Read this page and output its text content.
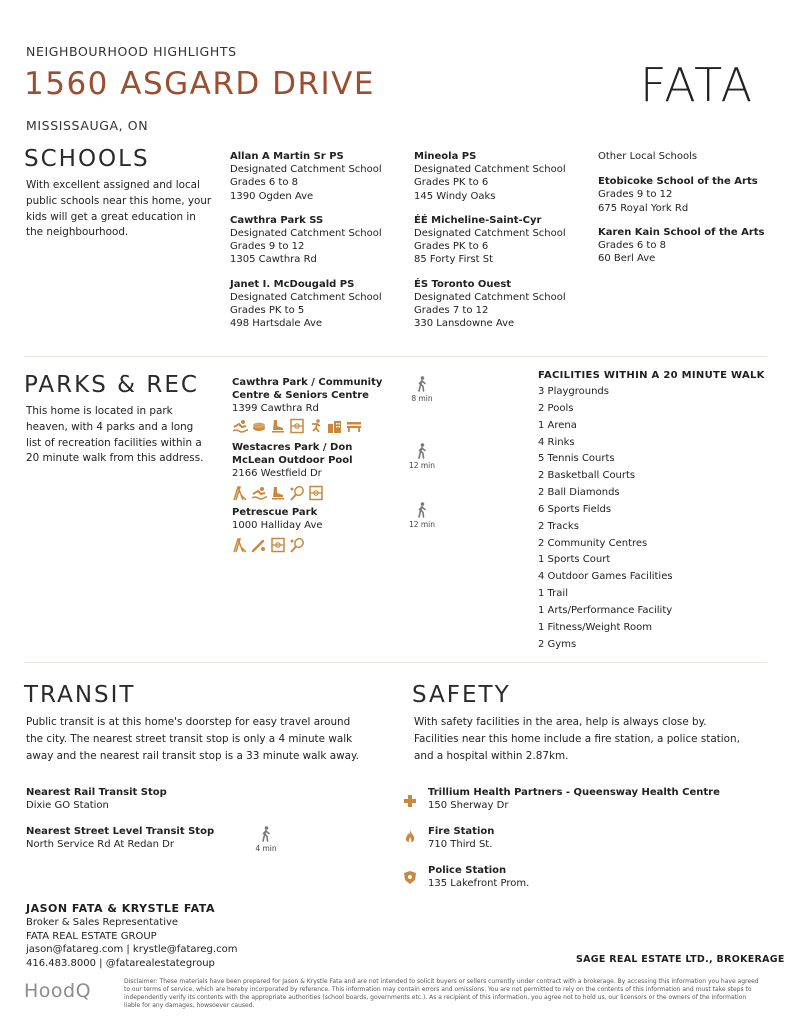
NEIGHBOURHOOD HIGHLIGHTS
1560 ASGARD DRIVE
MISSISSAUGA, ON
FATA
SCHOOLS
With excellent assigned and local public schools near this home, your kids will get a great education in the neighbourhood.
Allan A Martin Sr PS
Designated Catchment School
Grades 6 to 8
1390 Ogden Ave
Cawthra Park SS
Designated Catchment School
Grades 9 to 12
1305 Cawthra Rd
Janet I. McDougald PS
Designated Catchment School
Grades PK to 5
498 Hartsdale Ave
Mineola PS
Designated Catchment School
Grades PK to 6
145 Windy Oaks
ÉÉ Micheline-Saint-Cyr
Designated Catchment School
Grades PK to 6
85 Forty First St
ÉS Toronto Ouest
Designated Catchment School
Grades 7 to 12
330 Lansdowne Ave
Other Local Schools
Etobicoke School of the Arts
Grades 9 to 12
675 Royal York Rd
Karen Kain School of the Arts
Grades 6 to 8
60 Berl Ave
PARKS & REC
This home is located in park heaven, with 4 parks and a long list of recreation facilities within a 20 minute walk from this address.
Cawthra Park / Community
Centre & Seniors Centre
1399 Cawthra Rd
8 min
Westacres Park / Don
McLean Outdoor Pool
2166 Westfield Dr
12 min
Petrescue Park
1000 Halliday Ave	12 min
FACILITIES WITHIN A 20 MINUTE WALK
3 Playgrounds
2 Pools
1 Arena
4 Rinks
5 Tennis Courts
2 Basketball Courts
2 Ball Diamonds
6 Sports Fields
2 Tracks
2 Community Centres
1 Sports Court
4 Outdoor Games Facilities
1 Trail
1 Arts/Performance Facility
1 Fitness/Weight Room
2 Gyms
TRANSIT
Public transit is at this home's doorstep for easy travel around the city. The nearest street transit stop is only a 4 minute walk away and the nearest rail transit stop is a 33 minute walk away.
Nearest Rail Transit Stop
Dixie GO Station
Nearest Street Level Transit Stop
North Service Rd At Redan Dr	4 min
SAFETY
With safety facilities in the area, help is always close by. Facilities near this home include a fire station, a police station, and a hospital within 2.87km.
Trillium Health Partners - Queensway Health Centre
150 Sherway Dr
Fire Station
710 Third St.
Police Station
135 Lakefront Prom.
JASON FATA & KRYSTLE FATA
Broker & Sales Representative
FATA REAL ESTATE GROUP
jason@fatareg.com | krystle@fatareg.com
416.483.8000 | @fatarealestategroup	SAGE REAL ESTATE LTD., BROKERAGE
HoodQ	Disclaimer: These materials have been prepared for Jason & Krystle Fata and are not intended to solicit buyers or sellers currently under contract with a brokerage. By accessing this information you have agreed to our terms of service, which are hereby incorporated by reference. This information may contain errors and omissions. You are not permitted to rely on the contents of this information and must take steps to independently verify its contents with the appropriate authorities (school boards, governments etc.). As a recipient of this information, you agree not to hold us, our licensors or the owners of the information liable for any damages, howsoever caused.
